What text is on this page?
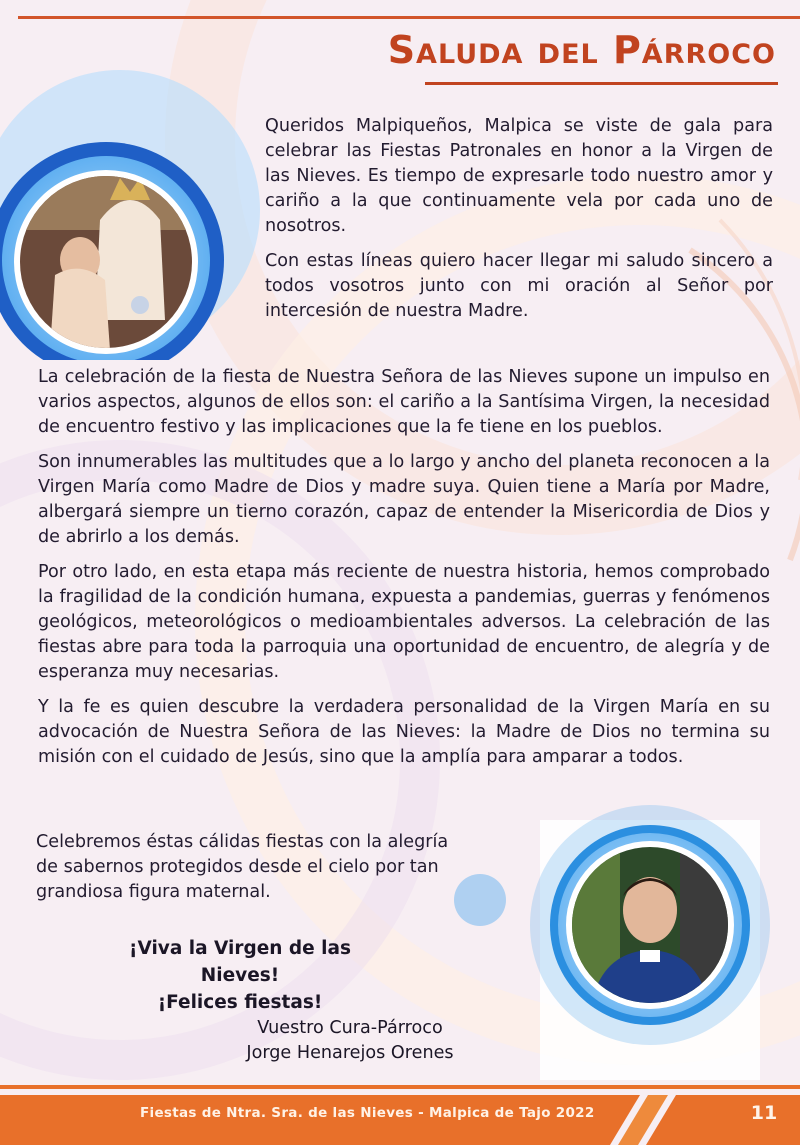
Saluda del Párroco

Queridos Malpiqueños, Malpica se viste de gala para celebrar las Fiestas Patronales en honor a la Virgen de las Nieves. Es tiempo de expresarle todo nuestro amor y cariño a la que continuamente vela por cada uno de nosotros.

Con estas líneas quiero hacer llegar mi saludo sincero a todos vosotros junto con mi oración al Señor por intercesión de nuestra Madre.

La celebración de la fiesta de Nuestra Señora de las Nieves supone un impulso en varios aspectos, algunos de ellos son: el cariño a la Santísima Virgen, la necesidad de encuentro festivo y las implicaciones que la fe tiene en los pueblos.

Son innumerables las multitudes que a lo largo y ancho del planeta reconocen a la Virgen María como Madre de Dios y madre suya. Quien tiene a María por Madre, albergará siempre un tierno corazón, capaz de entender la Misericordia de Dios y de abrirlo a los demás.

Por otro lado, en esta etapa más reciente de nuestra historia, hemos comprobado la fragilidad de la condición humana, expuesta a pandemias, guerras y fenómenos geológicos, meteorológicos o medioambientales adversos. La celebración de las fiestas abre para toda la parroquia una oportunidad de encuentro, de alegría y de esperanza muy necesarias.

Y la fe es quien descubre la verdadera personalidad de la Virgen María en su advocación de Nuestra Señora de las Nieves: la Madre de Dios no termina su misión con el cuidado de Jesús, sino que la amplía para amparar a todos.

Celebremos éstas cálidas fiestas con la alegría de sabernos protegidos desde el cielo por tan grandiosa figura maternal.

¡Viva la Virgen de las Nieves!
¡Felices fiestas!
Vuestro Cura-Párroco
Jorge Henarejos Orenes
Fiestas de Ntra. Sra. de las Nieves - Malpica de Tajo 2022	11
